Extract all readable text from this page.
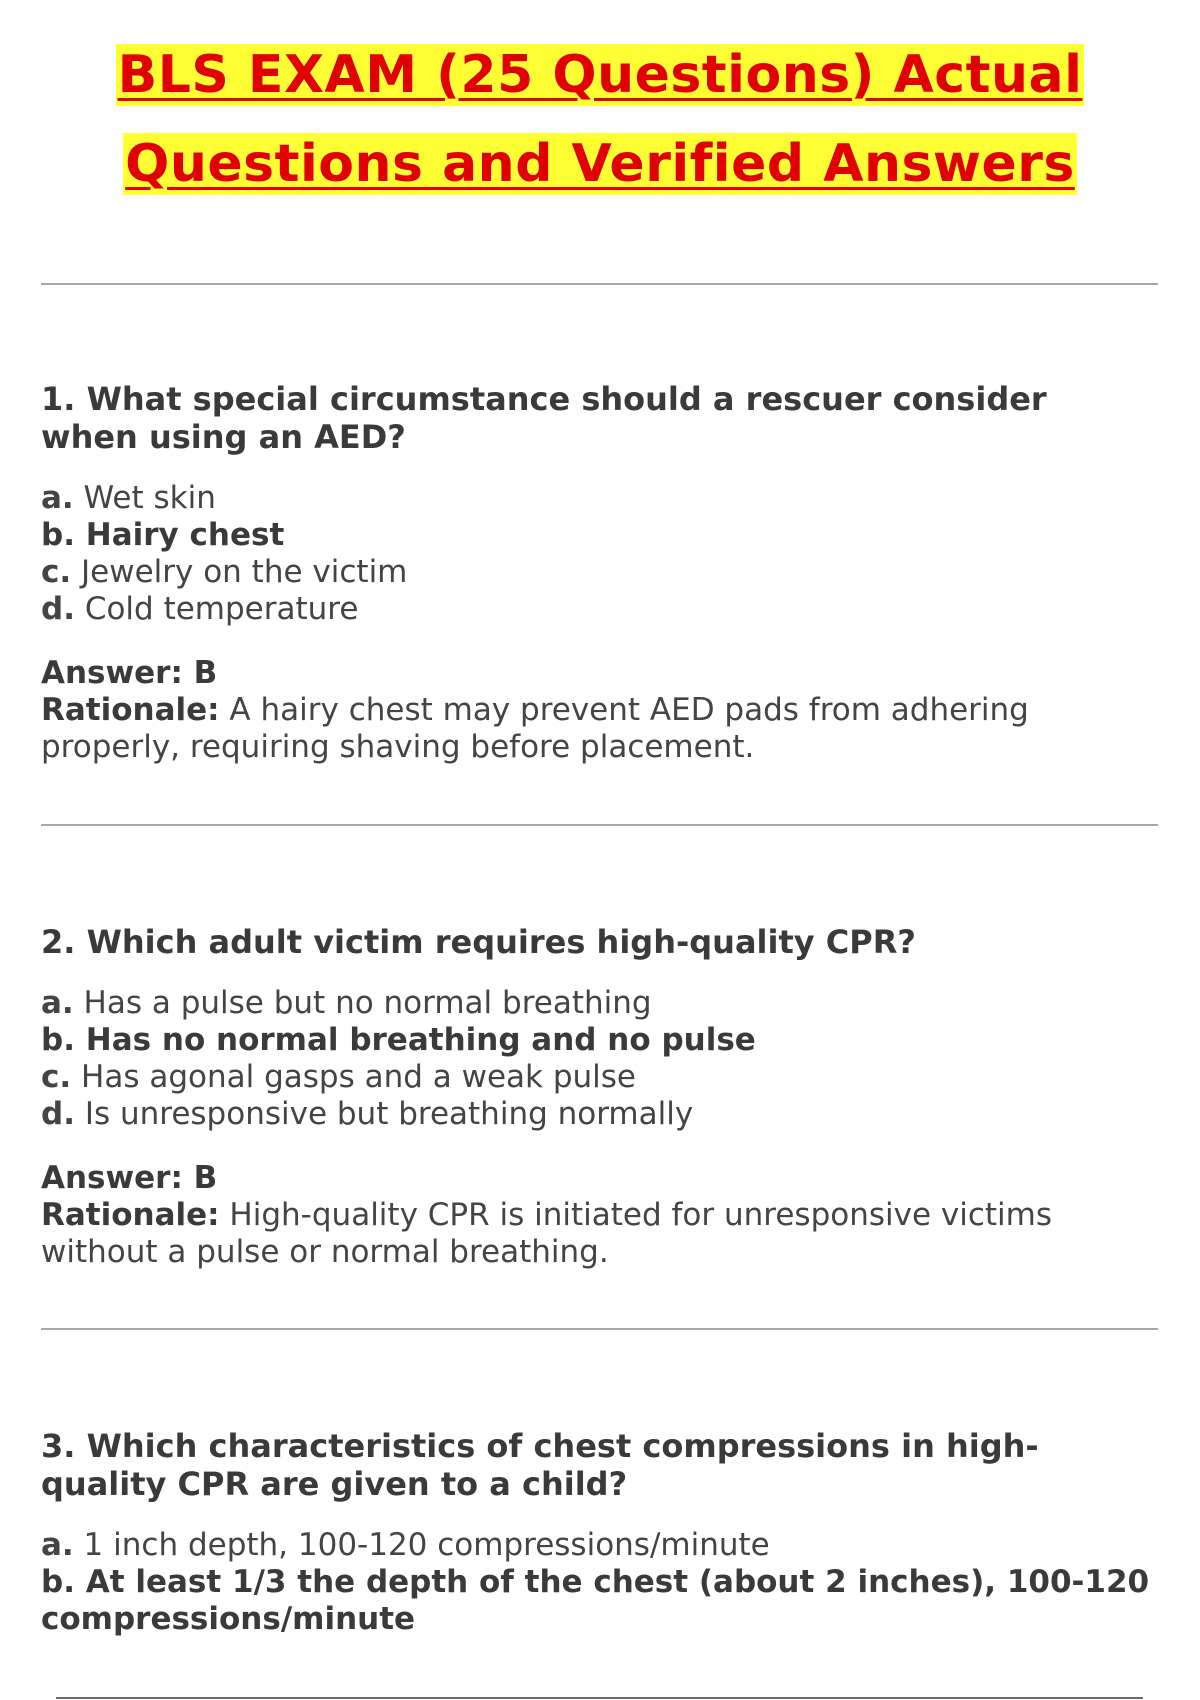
BLS EXAM (25 Questions) Actual
Questions and Verified Answers
1. What special circumstance should a rescuer consider when using an AED?
a. Wet skin
b. Hairy chest
c. Jewelry on the victim
d. Cold temperature
Answer: B
Rationale: A hairy chest may prevent AED pads from adhering properly, requiring shaving before placement.
2. Which adult victim requires high-quality CPR?
a. Has a pulse but no normal breathing
b. Has no normal breathing and no pulse
c. Has agonal gasps and a weak pulse
d. Is unresponsive but breathing normally
Answer: B
Rationale: High-quality CPR is initiated for unresponsive victims without a pulse or normal breathing.
3. Which characteristics of chest compressions in high-quality CPR are given to a child?
a. 1 inch depth, 100-120 compressions/minute
b. At least 1/3 the depth of the chest (about 2 inches), 100-120 compressions/minute
